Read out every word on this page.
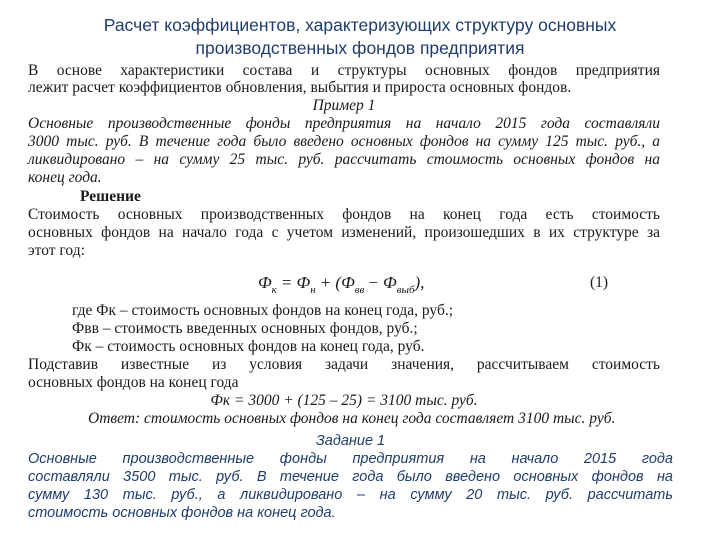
Расчет коэффициентов, характеризующих структуру основных
производственных фондов предприятия
В основе характеристики состава и структуры основных фондов предприятия
лежит расчет коэффициентов обновления, выбытия и прироста основных фондов.
Пример 1
Основные производственные фонды предприятия на начало 2015 года составляли
3000 тыс. руб. В течение года было введено основных фондов на сумму 125 тыс. руб., а
ликвидировано – на сумму 25 тыс. руб. рассчитать стоимость основных фондов на
конец года.
Решение
Стоимость основных производственных фондов на конец года есть стоимость
основных фондов на начало года с учетом изменений, произошедших в их структуре за
этот год:
$Ф_к = Ф_н + (Ф_{вв} - Ф_{выб})$,	(1)
где Фк – стоимость основных фондов на конец года, руб.;
Фвв – стоимость введенных основных фондов, руб.;
Фк – стоимость основных фондов на конец года, руб.
Подставив известные из условия задачи значения, рассчитываем стоимость
основных фондов на конец года
Фк = 3000 + (125 – 25) = 3100 тыс. руб.
Ответ: стоимость основных фондов на конец года составляет 3100 тыс. руб.
Задание 1
Основные производственные фонды предприятия на начало 2015 года
составляли 3500 тыс. руб. В течение года было введено основных фондов на
сумму 130 тыс. руб., а ликвидировано – на сумму 20 тыс. руб. рассчитать
стоимость основных фондов на конец года.
